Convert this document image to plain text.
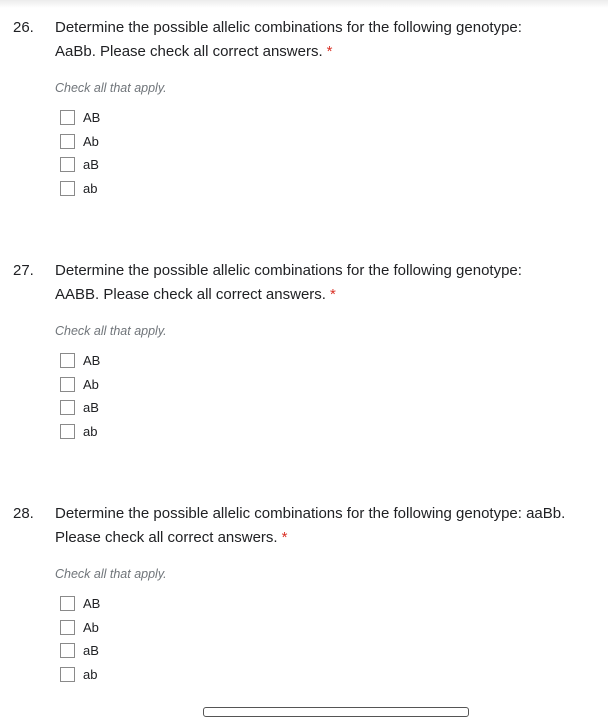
26. Determine the possible allelic combinations for the following genotype:
AaBb. Please check all correct answers. *
Check all that apply.
AB
Ab
aB
ab
27. Determine the possible allelic combinations for the following genotype:
AABB. Please check all correct answers. *
Check all that apply.
AB
Ab
aB
ab
28. Determine the possible allelic combinations for the following genotype: aaBb.
Please check all correct answers. *
Check all that apply.
AB
Ab
aB
ab
